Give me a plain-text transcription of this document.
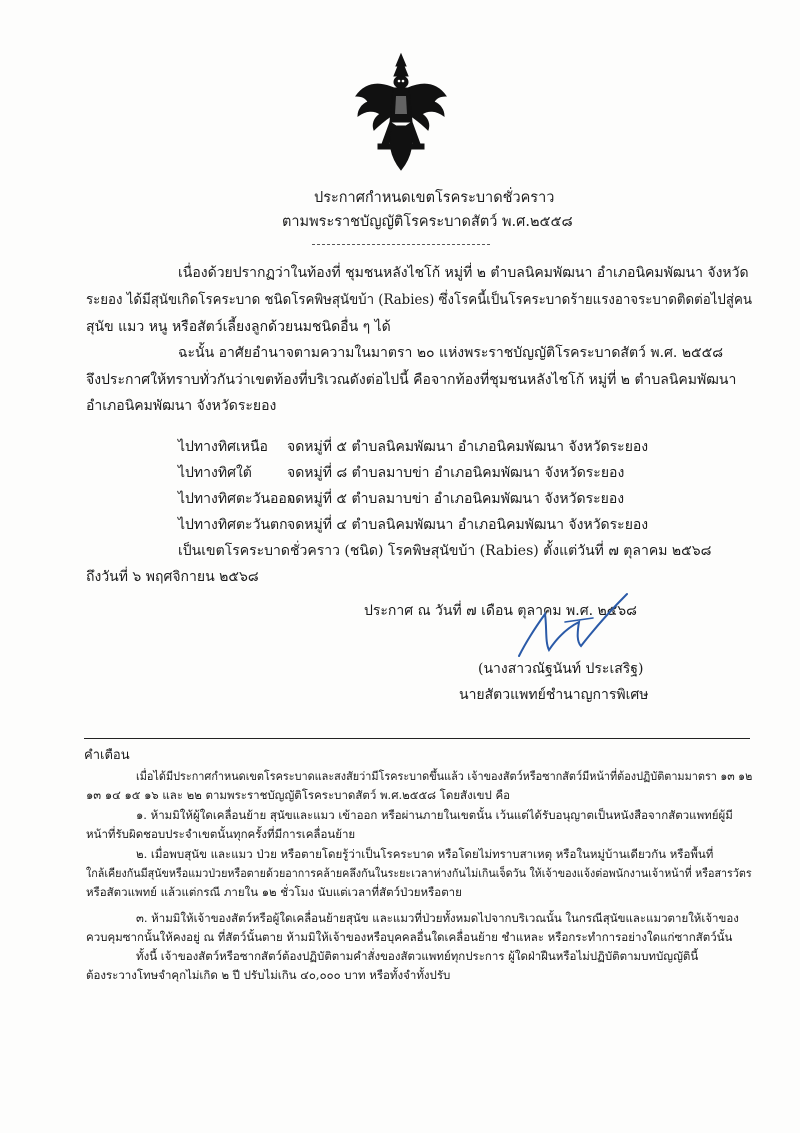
ประกาศกำหนดเขตโรคระบาดชั่วคราว
ตามพระราชบัญญัติโรคระบาดสัตว์ พ.ศ.๒๕๕๘
เนื่องด้วยปรากฏว่าในท้องที่ ชุมชนหลังไชโก้ หมู่ที่ ๒ ตำบลนิคมพัฒนา อำเภอนิคมพัฒนา จังหวัด
ระยอง ได้มีสุนัขเกิดโรคระบาด ชนิดโรคพิษสุนัขบ้า (Rabies) ซึ่งโรคนี้เป็นโรคระบาดร้ายแรงอาจระบาดติดต่อไปสู่คน
สุนัข แมว หนู หรือสัตว์เลี้ยงลูกด้วยนมชนิดอื่น ๆ ได้
ฉะนั้น อาศัยอำนาจตามความในมาตรา ๒๐ แห่งพระราชบัญญัติโรคระบาดสัตว์ พ.ศ. ๒๕๕๘
จึงประกาศให้ทราบทั่วกันว่าเขตท้องที่บริเวณดังต่อไปนี้ คือจากท้องที่ชุมชนหลังไชโก้ หมู่ที่ ๒ ตำบลนิคมพัฒนา
อำเภอนิคมพัฒนา จังหวัดระยอง
ไปทางทิศเหนือ จดหมู่ที่ ๕ ตำบลนิคมพัฒนา อำเภอนิคมพัฒนา จังหวัดระยอง
ไปทางทิศใต้	จดหมู่ที่ ๘ ตำบลมาบข่า อำเภอนิคมพัฒนา จังหวัดระยอง
ไปทางทิศตะวันออก
จดหมู่ที่ ๕ ตำบลมาบข่า อำเภอนิคมพัฒนา จังหวัดระยอง
ไปทางทิศตะวันตก จดหมู่ที่ ๔ ตำบลนิคมพัฒนา อำเภอนิคมพัฒนา จังหวัดระยอง
เป็นเขตโรคระบาดชั่วคราว (ชนิด) โรคพิษสุนัขบ้า (Rabies) ตั้งแต่วันที่ ๗ ตุลาคม ๒๕๖๘
ถึงวันที่ ๖ พฤศจิกายน ๒๕๖๘
ประกาศ ณ วันที่ ๗ เดือน ตุลาคม พ.ศ. ๒๕๖๘
(นางสาวณัฐนันท์ ประเสริฐ)
นายสัตวแพทย์ชำนาญการพิเศษ
คำเตือน
เมื่อได้มีประกาศกำหนดเขตโรคระบาดและสงสัยว่ามีโรคระบาดขึ้นแล้ว เจ้าของสัตว์หรือซากสัตว์มีหน้าที่ต้องปฏิบัติตามมาตรา ๑๓ ๑๒
๑๓ ๑๔ ๑๕ ๑๖ และ ๒๒ ตามพระราชบัญญัติโรคระบาดสัตว์ พ.ศ.๒๕๕๘ โดยสังเขป คือ
๑. ห้ามมิให้ผู้ใดเคลื่อนย้าย สุนัขและแมว เข้าออก หรือผ่านภายในเขตนั้น เว้นแต่ได้รับอนุญาตเป็นหนังสือจากสัตวแพทย์ผู้มี
หน้าที่รับผิดชอบประจำเขตนั้นทุกครั้งที่มีการเคลื่อนย้าย
๒. เมื่อพบสุนัข และแมว ป่วย หรือตายโดยรู้ว่าเป็นโรคระบาด หรือโดยไม่ทราบสาเหตุ หรือในหมู่บ้านเดียวกัน หรือพื้นที่
ใกล้เคียงกันมีสุนัขหรือแมวป่วยหรือตายด้วยอาการคล้ายคลึงกันในระยะเวลาห่างกันไม่เกินเจ็ดวัน ให้เจ้าของแจ้งต่อพนักงานเจ้าหน้าที่ หรือสารวัตร
หรือสัตวแพทย์ แล้วแต่กรณี ภายใน ๑๒ ชั่วโมง นับแต่เวลาที่สัตว์ป่วยหรือตาย
๓. ห้ามมิให้เจ้าของสัตว์หรือผู้ใดเคลื่อนย้ายสุนัข และแมวที่ป่วยทั้งหมดไปจากบริเวณนั้น ในกรณีสุนัขและแมวตายให้เจ้าของ
ควบคุมซากนั้นให้คงอยู่ ณ ที่สัตว์นั้นตาย ห้ามมิให้เจ้าของหรือบุคคลอื่นใดเคลื่อนย้าย ชำแหละ หรือกระทำการอย่างใดแก่ซากสัตว์นั้น
ทั้งนี้ เจ้าของสัตว์หรือซากสัตว์ต้องปฏิบัติตามคำสั่งของสัตวแพทย์ทุกประการ ผู้ใดฝ่าฝืนหรือไม่ปฏิบัติตามบทบัญญัตินี้
ต้องระวางโทษจำคุกไม่เกิด ๒ ปี ปรับไม่เกิน ๔๐,๐๐๐ บาท หรือทั้งจำทั้งปรับ
